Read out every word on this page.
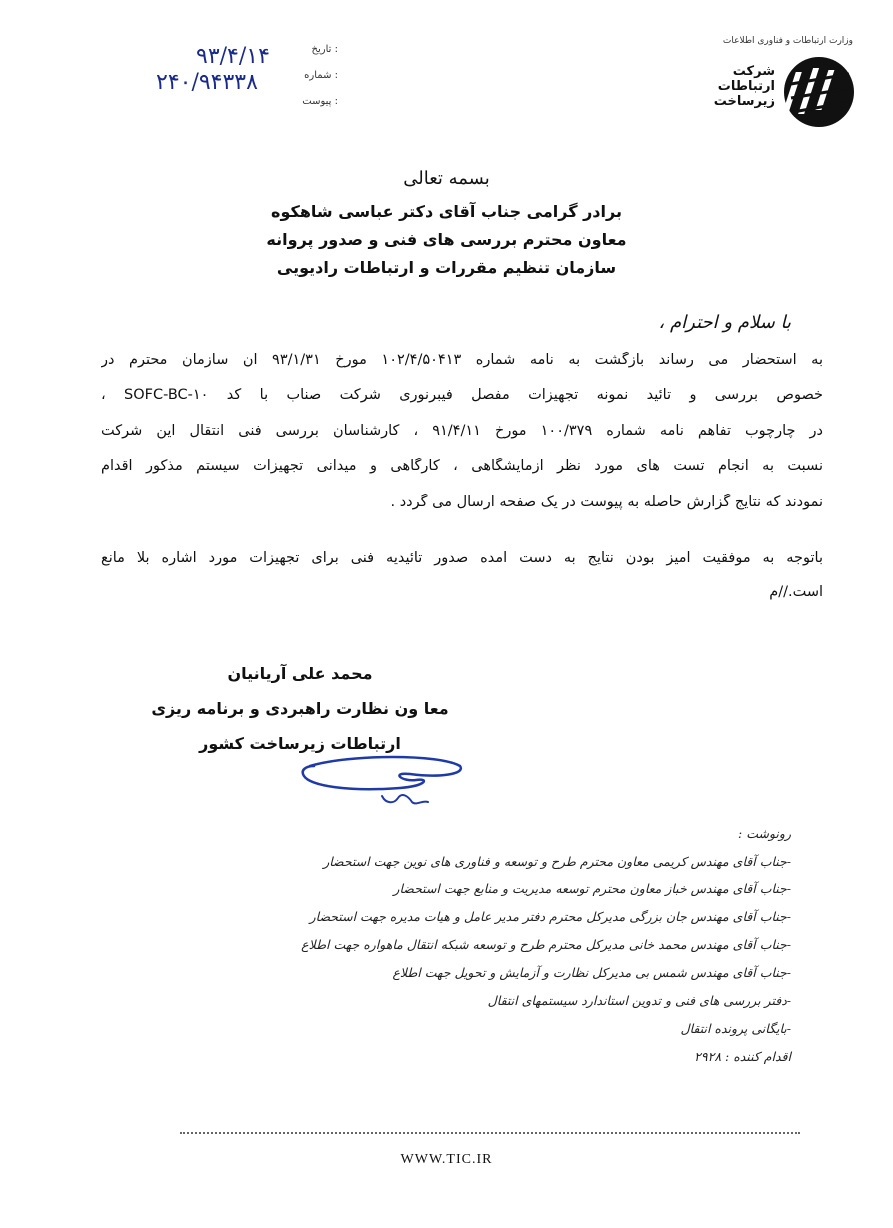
وزارت ارتباطات و فناوری اطلاعات
شرکت
ارتباطات
زیرساخت
: تاریخ
: شماره
: پیوست
۹۳/۴/۱۴
۲۴۰/۹۴۳۳۸
بسمه تعالی
برادر گرامی جناب آقای دکتر عباسی شاهکوه
معاون محترم بررسی های فنی و صدور پروانه
سازمان تنظیم مقررات و ارتباطات رادیویی
با سلام و احترام ،
به استحضار می رساند بازگشت به نامه شماره ۱۰۲/۴/۵۰۴۱۳ مورخ ۹۳/۱/۳۱ آن سازمان محترم در
خصوص بررسی و تائید نمونه تجهیزات مفصل فیبرنوری شرکت صناب با کد SOFC-BC-۱۰ ،
در چارچوب تفاهم نامه شماره ۱۰۰/۳۷۹ مورخ ۹۱/۴/۱۱ ، کارشناسان بررسی فنی انتقال این شرکت
نسبت به انجام تست های مورد نظر آزمایشگاهی ، کارگاهی و میدانی تجهیزات سیستم مذکور اقدام
نمودند که نتایج گزارش حاصله به پیوست در یک صفحه ارسال می گردد .
باتوجه به موفقیت آمیز بودن نتایج به دست آمده صدور تائیدیه فنی برای تجهیزات مورد اشاره بلا مانع
است.//م
محمد علی آریانیان
معا ون نظارت راهبردی و برنامه ریزی
ارتباطات زیرساخت کشور
رونوشت :
-جناب آقای مهندس کریمی معاون محترم طرح و توسعه و فناوری های نوین جهت استحضار
-جناب آقای مهندس خباز معاون محترم توسعه مدیریت و منابع جهت استحضار
-جناب آقای مهندس جان بزرگی مدیرکل محترم دفتر مدیر عامل و هیات مدیره جهت استحضار
-جناب آقای مهندس محمد خانی مدیرکل محترم طرح و توسعه شبکه انتقال ماهواره جهت اطلاع
-جناب آقای مهندس شمس بی مدیرکل نظارت و آزمایش و تحویل جهت اطلاع
-دفتر بررسی های فنی و تدوین استاندارد سیستمهای انتقال
-بایگانی پرونده انتقال
اقدام کننده : ۲۹۲۸
WWW.TIC.IR
